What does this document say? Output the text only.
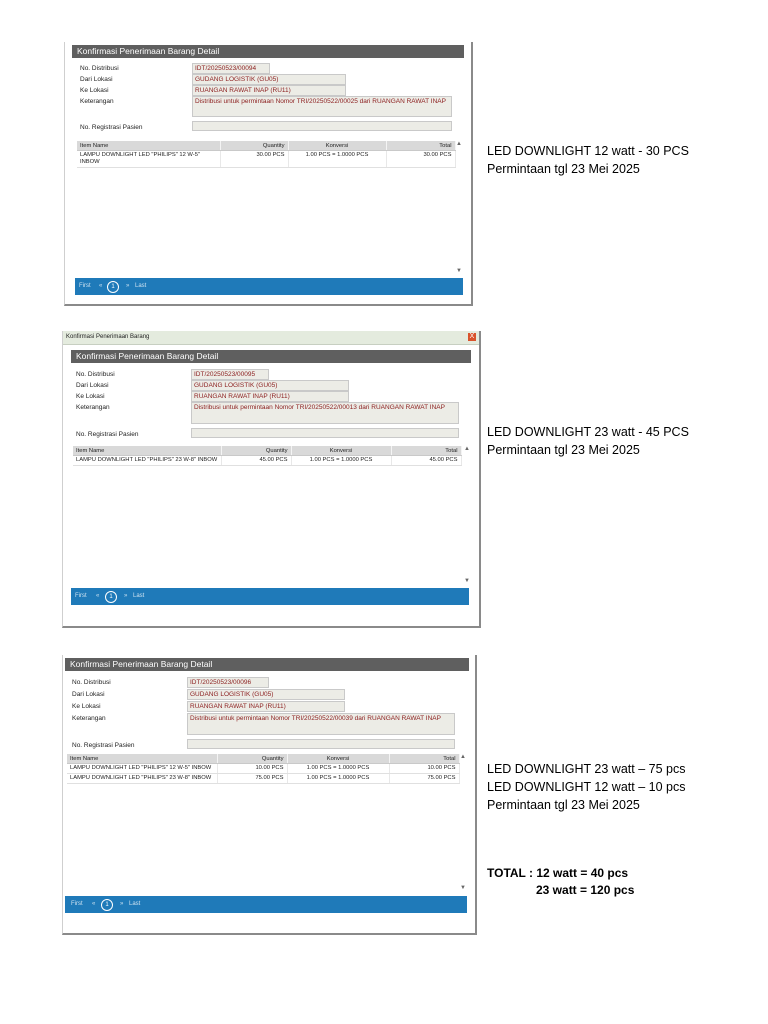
Konfirmasi Penerimaan Barang Detail
No. Distribusi	IDT/20250523/00094
Dari Lokasi	GUDANG LOGISTIK (GU05)
Ke Lokasi	RUANGAN RAWAT INAP (RU11)
Keterangan	Distribusi untuk permintaan Nomor TRI/20250522/00025 dari RUANGAN RAWAT INAP
No. Registrasi Pasien
Item Name	Quantity	Konversi	Total
LAMPU DOWNLIGHT LED "PHILIPS" 12 W-5" INBOW	30.00 PCS	1.00 PCS = 1.0000 PCS	30.00 PCS
▲
▼
First «	1	» Last
LED DOWNLIGHT 12 watt - 30 PCS
Permintaan tgl 23 Mei 2025
Konfirmasi Penerimaan Barang	X
Konfirmasi Penerimaan Barang Detail
No. Distribusi	IDT/20250523/00095
Dari Lokasi	GUDANG LOGISTIK (GU05)
Ke Lokasi	RUANGAN RAWAT INAP (RU11)
Keterangan	Distribusi untuk permintaan Nomor TRI/20250522/00013 dari RUANGAN RAWAT INAP
No. Registrasi Pasien
Item Name	Quantity	Konversi	Total
LAMPU DOWNLIGHT LED "PHILIPS" 23 W-8" INBOW	45.00 PCS	1.00 PCS = 1.0000 PCS	45.00 PCS
▲
▼
First «	1	» Last
LED DOWNLIGHT 23 watt - 45 PCS
Permintaan tgl 23 Mei 2025
Konfirmasi Penerimaan Barang Detail
No. Distribusi	IDT/20250523/00096
Dari Lokasi	GUDANG LOGISTIK (GU05)
Ke Lokasi	RUANGAN RAWAT INAP (RU11)
Keterangan	Distribusi untuk permintaan Nomor TRI/20250522/00039 dari RUANGAN RAWAT INAP
No. Registrasi Pasien
Item Name	Quantity	Konversi	Total
LAMPU DOWNLIGHT LED "PHILIPS" 12 W-5" INBOW	10.00 PCS	1.00 PCS = 1.0000 PCS	10.00 PCS
LAMPU DOWNLIGHT LED "PHILIPS" 23 W-8" INBOW	75.00 PCS	1.00 PCS = 1.0000 PCS	75.00 PCS
▲
▼
First «	1	» Last
LED DOWNLIGHT 23 watt – 75 pcs
LED DOWNLIGHT 12 watt – 10 pcs
Permintaan tgl 23 Mei 2025
TOTAL : 12 watt = 40 pcs
23 watt = 120 pcs
